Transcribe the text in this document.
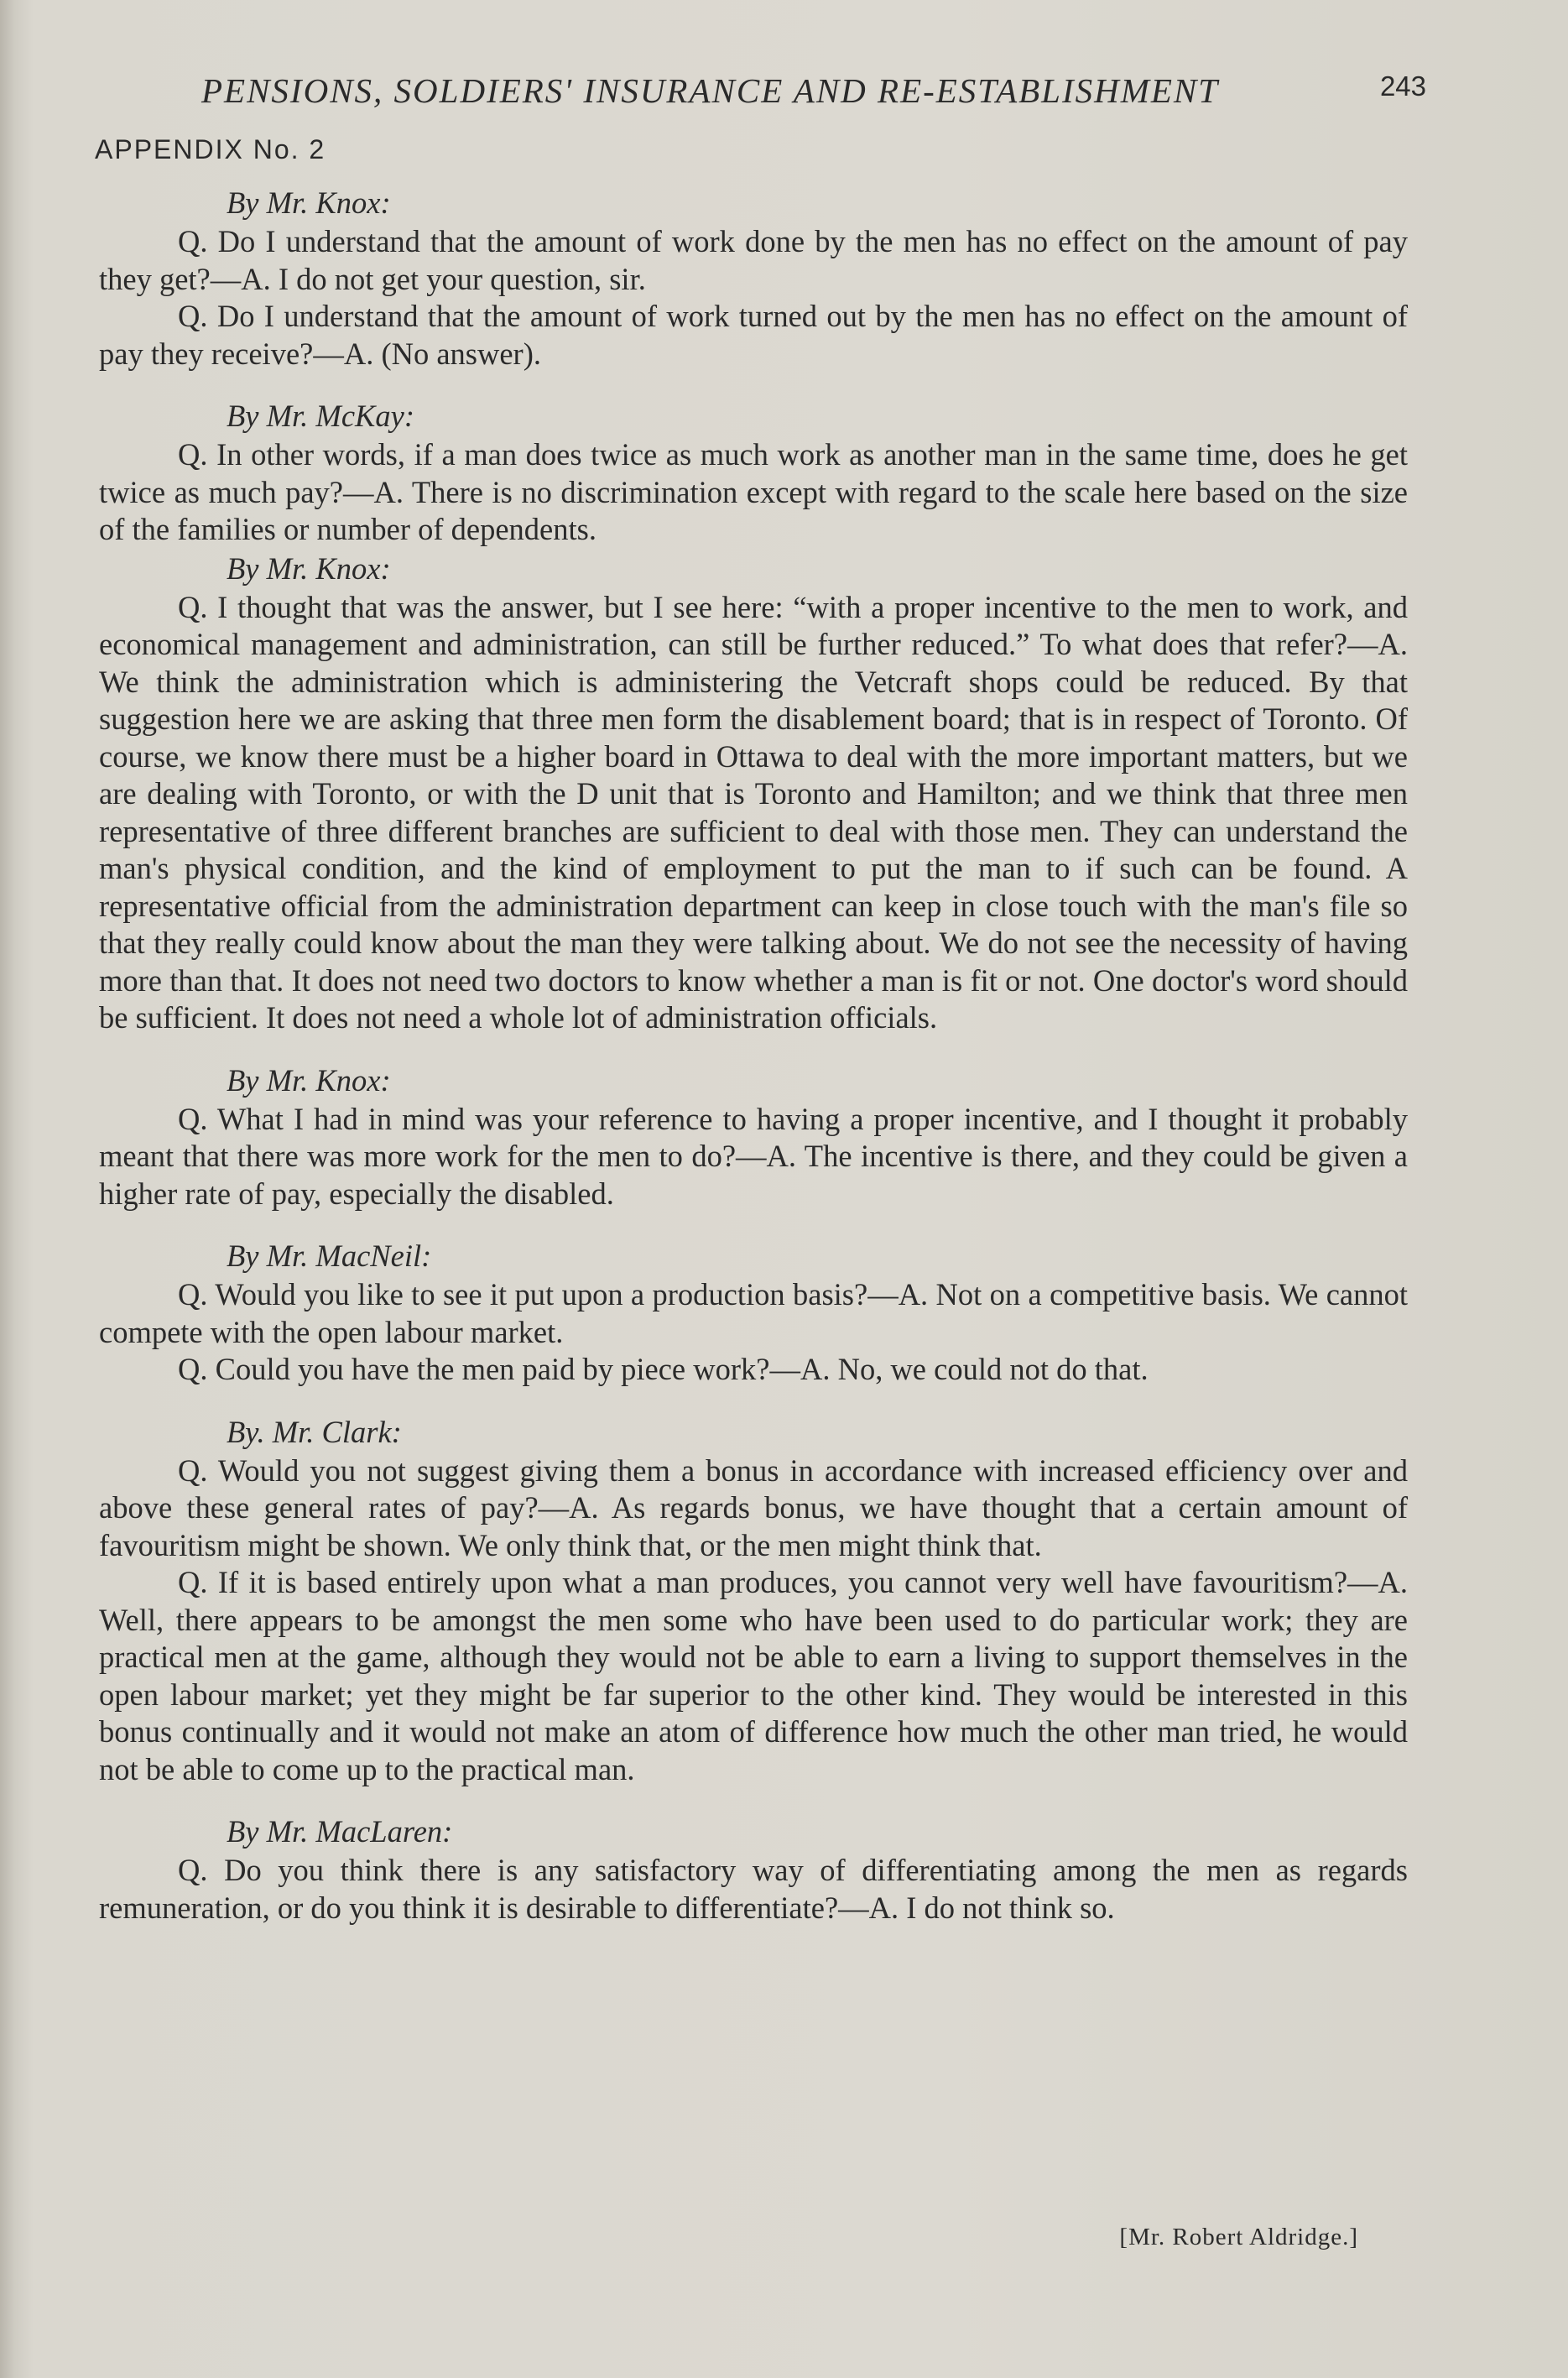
PENSIONS, SOLDIERS' INSURANCE AND RE-ESTABLISHMENT	243
APPENDIX No. 2

By Mr. Knox:

Q. Do I understand that the amount of work done by the men has no effect on the amount of pay they get?—A. I do not get your question, sir.

Q. Do I understand that the amount of work turned out by the men has no effect on the amount of pay they receive?—A. (No answer).

By Mr. McKay:

Q. In other words, if a man does twice as much work as another man in the same time, does he get twice as much pay?—A. There is no discrimination except with regard to the scale here based on the size of the families or number of dependents.

By Mr. Knox:

Q. I thought that was the answer, but I see here: “with a proper incentive to the men to work, and economical management and administration, can still be further reduced.” To what does that refer?—A. We think the administration which is administering the Vetcraft shops could be reduced. By that suggestion here we are asking that three men form the disablement board; that is in respect of Toronto. Of course, we know there must be a higher board in Ottawa to deal with the more important matters, but we are dealing with Toronto, or with the D unit that is Toronto and Hamilton; and we think that three men representative of three different branches are sufficient to deal with those men. They can understand the man's physical condition, and the kind of employment to put the man to if such can be found. A representative official from the administration department can keep in close touch with the man's file so that they really could know about the man they were talking about. We do not see the necessity of having more than that. It does not need two doctors to know whether a man is fit or not. One doctor's word should be sufficient. It does not need a whole lot of administration officials.

By Mr. Knox:

Q. What I had in mind was your reference to having a proper incentive, and I thought it probably meant that there was more work for the men to do?—A. The incentive is there, and they could be given a higher rate of pay, especially the disabled.

By Mr. MacNeil:

Q. Would you like to see it put upon a production basis?—A. Not on a competitive basis. We cannot compete with the open labour market.

Q. Could you have the men paid by piece work?—A. No, we could not do that.

By. Mr. Clark:

Q. Would you not suggest giving them a bonus in accordance with increased efficiency over and above these general rates of pay?—A. As regards bonus, we have thought that a certain amount of favouritism might be shown. We only think that, or the men might think that.

Q. If it is based entirely upon what a man produces, you cannot very well have favouritism?—A. Well, there appears to be amongst the men some who have been used to do particular work; they are practical men at the game, although they would not be able to earn a living to support themselves in the open labour market; yet they might be far superior to the other kind. They would be interested in this bonus continually and it would not make an atom of difference how much the other man tried, he would not be able to come up to the practical man.

By Mr. MacLaren:

Q. Do you think there is any satisfactory way of differentiating among the men as regards remuneration, or do you think it is desirable to differentiate?—A. I do not think so.

[Mr. Robert Aldridge.]
